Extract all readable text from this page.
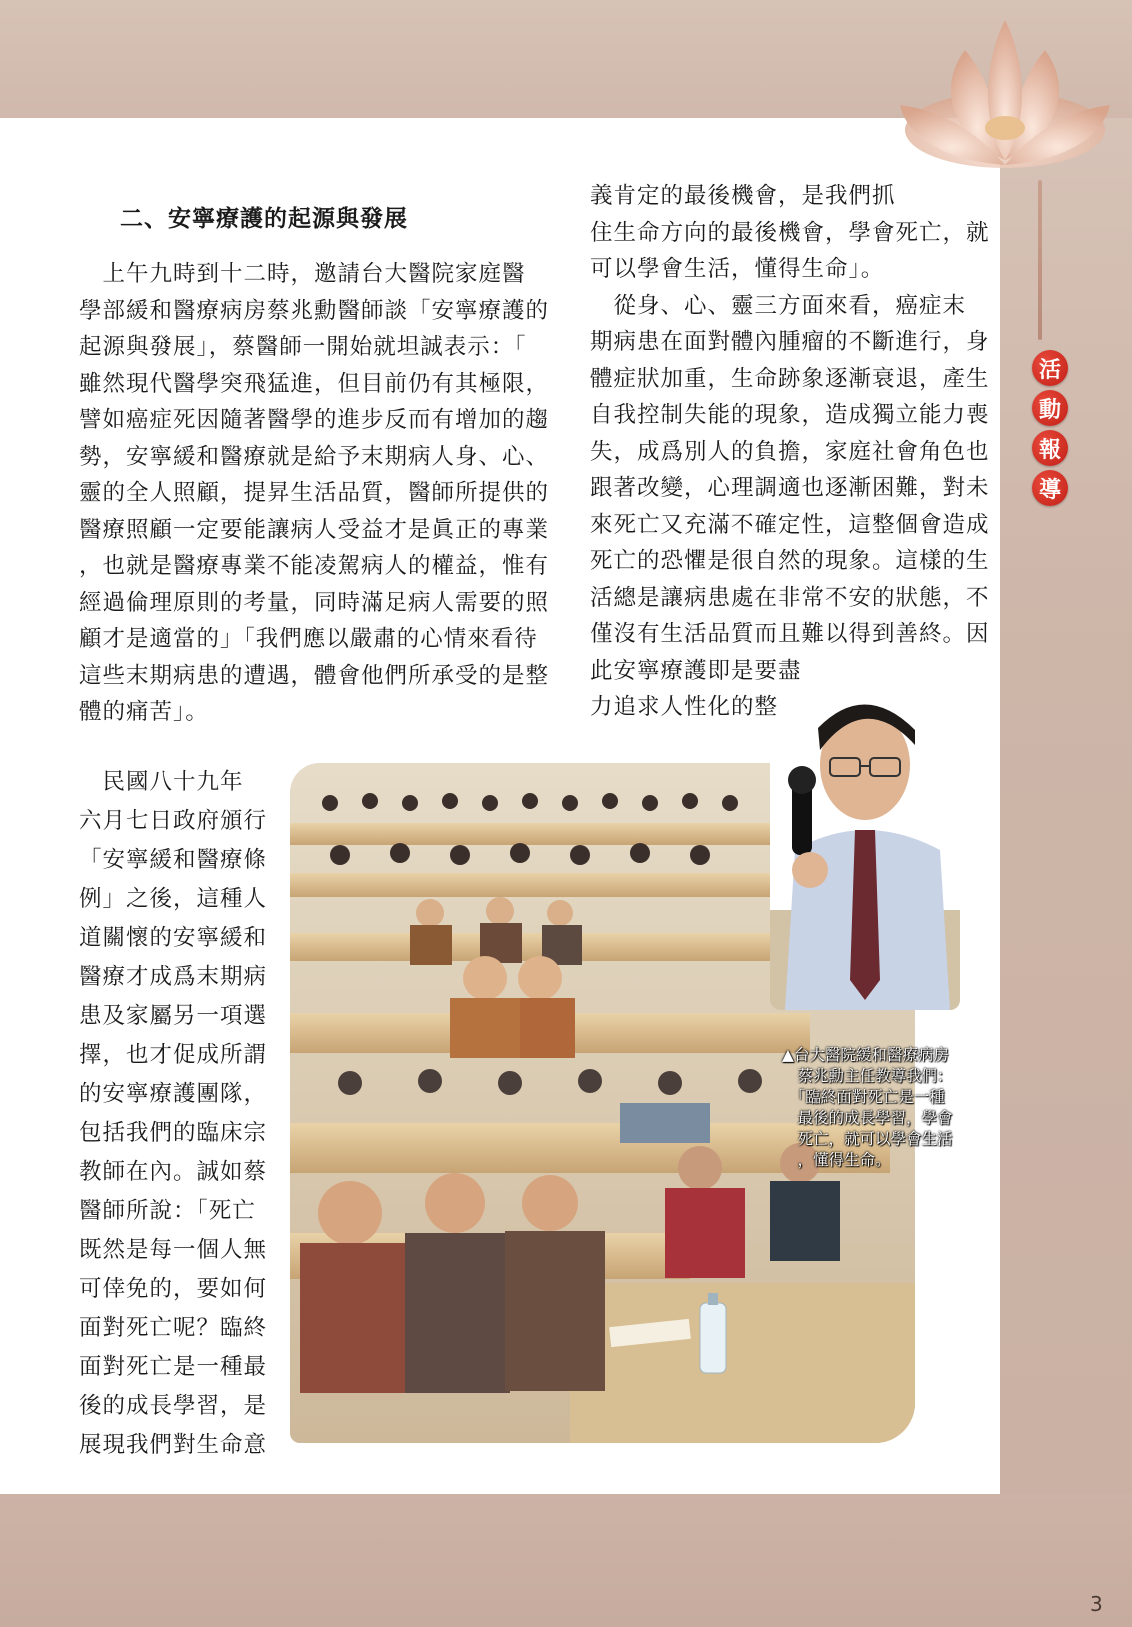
活
動
報
導
二、安寧療護的起源與發展
　上午九時到十二時，邀請台大醫院家庭醫
學部緩和醫療病房蔡兆勳醫師談「安寧療護的
起源與發展」，蔡醫師一開始就坦誠表示：「
雖然現代醫學突飛猛進，但目前仍有其極限，
譬如癌症死因隨著醫學的進步反而有增加的趨
勢，安寧緩和醫療就是給予末期病人身、心、
靈的全人照顧，提昇生活品質，醫師所提供的
醫療照顧一定要能讓病人受益才是眞正的專業
，也就是醫療專業不能凌駕病人的權益，惟有
經過倫理原則的考量，同時滿足病人需要的照
顧才是適當的」「我們應以嚴肅的心情來看待
這些末期病患的遭遇，體會他們所承受的是整
體的痛苦」。
　民國八十九年
六月七日政府頒行
「安寧緩和醫療條
例」之後，這種人
道關懷的安寧緩和
醫療才成爲末期病
患及家屬另一項選
擇，也才促成所謂
的安寧療護團隊，
包括我們的臨床宗
教師在內。誠如蔡
醫師所說：「死亡
既然是每一個人無
可倖免的，要如何
面對死亡呢？臨終
面對死亡是一種最
後的成長學習，是
展現我們對生命意
義肯定的最後機會，是我們抓
住生命方向的最後機會，學會死亡，就
可以學會生活，懂得生命」。
　從身、心、靈三方面來看，癌症末
期病患在面對體內腫瘤的不斷進行，身
體症狀加重，生命跡象逐漸衰退，產生
自我控制失能的現象，造成獨立能力喪
失，成爲別人的負擔，家庭社會角色也
跟著改變，心理調適也逐漸困難，對未
來死亡又充滿不確定性，這整個會造成
死亡的恐懼是很自然的現象。這樣的生
活總是讓病患處在非常不安的狀態，不
僅沒有生活品質而且難以得到善終。因
此安寧療護即是要盡
力追求人性化的整
▲台大醫院緩和醫療病房
　蔡兆勳主任教導我們：
　「臨終面對死亡是一種
　最後的成長學習，學會
　死亡，就可以學會生活
　，懂得生命。
3
